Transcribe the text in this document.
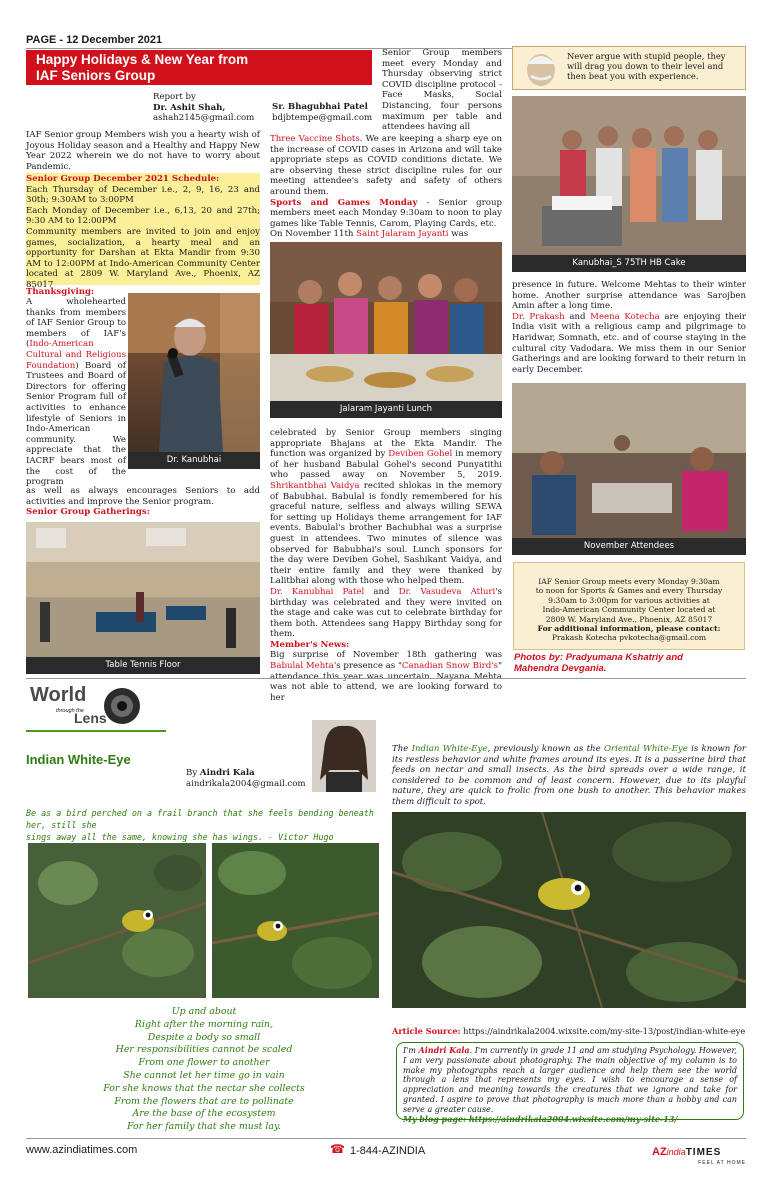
PAGE - 12 December 2021
Happy Holidays & New Year from
IAF Seniors Group
Report by
Dr. Ashit Shah,
ashah2145@gmail.com
Sr. Bhagubhai Patel
bdjbtempe@gmail.com
IAF Senior group Members wish you a hearty wish of Joyous Holiday season and a Healthy and Happy New Year 2022 wherein we do not have to worry about Pandemic.
Senior Group December 2021 Schedule:
Each Thursday of December i.e., 2, 9, 16, 23 and 30th; 9:30AM to 3:00PM
Each Monday of December i.e., 6,13, 20 and 27th; 9:30 AM to 12:00PM
Community members are invited to join and enjoy games, socialization, a hearty meal and an opportunity for Darshan at Ekta Mandir from 9:30 AM to 12:00PM at Indo-American Community Center located at 2809 W. Maryland Ave., Phoenix, AZ 85017
Thanksgiving:
A wholehearted thanks from members of IAF Senior Group to members of IAF's (Indo-American Cultural and Religious Foundation) Board of Trustees and Board of Directors for offering Senior Program full of activities to enhance lifestyle of Seniors in Indo-American community. We appreciate that the IACRF bears most of the cost of the program
Dr. Kanubhai
as well as always encourages Seniors to add activities and improve the Senior program.
Senior Group Gatherings:
Table Tennis Floor
Senior Group members meet every Monday and Thursday observing strict COVID discipline protocol - Face Masks, Social Distancing, four persons maximum per table and attendees having all
Three Vaccine Shots. We are keeping a sharp eye on the increase of COVID cases in Arizona and will take appropriate steps as COVID conditions dictate. We are observing these strict discipline rules for our meeting attendee's safety and safety of others around them.
Sports and Games Monday - Senior group members meet each Monday 9:30am to noon to play games like Table Tennis, Carom, Playing Cards, etc.
On November 11th Saint Jalaram Jayanti was
Jalaram Jayanti Lunch
celebrated by Senior Group members singing appropriate Bhajans at the Ekta Mandir. The function was organized by Deviben Gohel in memory of her husband Babulal Gohel's second Punyatithi who passed away on November 5, 2019. Shrikantbhai Vaidya recited shlokas in the memory of Babubhai. Babulal is fondly remembered for his graceful nature, selfless and always willing SEWA for setting up Holidays theme arrangement for IAF events. Babulal's brother Bachubhai was a surprise guest in attendees. Two minutes of silence was observed for Babubhai's soul. Lunch sponsors for the day were Deviben Gohel, Sashikant Vaidya, and their entire family and they were thanked by Lalitbhai along with those who helped them.
Dr. Kanubhai Patel and Dr. Vasudeva Atluri's birthday was celebrated and they were invited on the stage and cake was cut to celebrate birthday for them both. Attendees sang Happy Birthday song for them.
Member's News:
Big surprise of November 18th gathering was Babulal Mehta's presence as "Canadian Snow Bird's" attendance this year was uncertain. Nayana Mehta was not able to attend, we are looking forward to her
Never argue with stupid people, they will drag you down to their level and then beat you with experience.
Kanubhai_S 75TH HB Cake
presence in future. Welcome Mehtas to their winter home. Another surprise attendance was Sarojben Amin after a long time.
Dr. Prakash and Meena Kotecha are enjoying their India visit with a religious camp and pilgrimage to Haridwar, Somnath, etc. and of course staying in the cultural city Vadodara. We miss them in our Senior Gatherings and are looking forward to their return in early December.
November Attendees
IAF Senior Group meets every Monday 9:30am
to noon for Sports & Games and every Thursday
9:30am to 3:00pm for various activities at
Indo-American Community Center located at
2809 W. Maryland Ave., Phoenix, AZ 85017
For additional information, please contact:
Prakash Kotecha pvkotecha@gmail.com
Photos by: Pradyumana Kshatriy and
Mahendra Devgania.
World
through the
Lens
Indian White-Eye
By Aindri Kala
aindrikala2004@gmail.com
Be as a bird perched on a frail branch that she feels bending beneath her, still she
sings away all the same, knowing she has wings. - Victor Hugo
The Indian White-Eye, previously known as the Oriental White-Eye is known for its restless behavior and white frames around its eyes. It is a passerine bird that feeds on nectar and small insects. As the bird spreads over a wide range, it considered to be common and of least concern. However, due to its playful nature, they are quick to frolic from one bush to another. This behavior makes them difficult to spot.
Up and about
Right after the morning rain,
Despite a body so small
Her responsibilities cannot be scaled
From one flower to another
She cannot let her time go in vain
For she knows that the nectar she collects
From the flowers that are to pollinate
Are the base of the ecosystem
For her family that she must lay.
Article Source: https://aindrikala2004.wixsite.com/my-site-13/post/indian-white-eye
I'm Aindri Kala. I'm currently in grade 11 and am studying Psychology. However, I am very passionate about photography. The main objective of my column is to make my photographs reach a larger audience and help them see the world through a lens that represents my eyes. I wish to encourage a sense of appreciation and meaning towards the creatures that we ignore and take for granted. I aspire to prove that photography is much more than a hobby and can serve a greater cause.
My blog page: https://aindrikala2004.wixsite.com/my-site-13/
www.azindiatimes.com	☎ 1-844-AZINDIA	AZindiaTIMES
FEEL AT HOME
